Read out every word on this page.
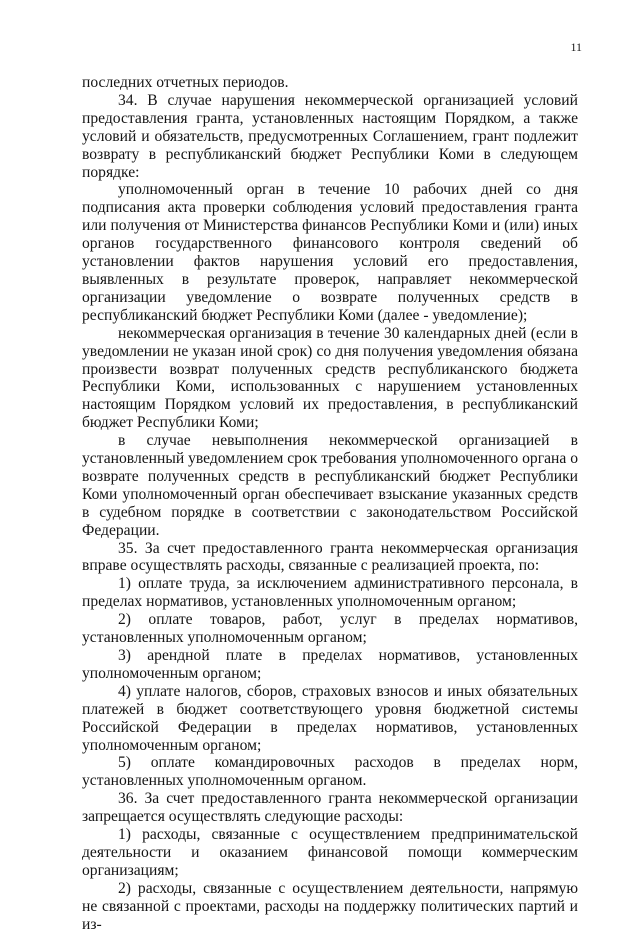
11

последних отчетных периодов.

34. В случае нарушения некоммерческой организацией условий предоставления гранта, установленных настоящим Порядком, а также условий и обязательств, предусмотренных Соглашением, грант подлежит возврату в республиканский бюджет Республики Коми в следующем порядке:

уполномоченный орган в течение 10 рабочих дней со дня подписания акта проверки соблюдения условий предоставления гранта или получения от Министерства финансов Республики Коми и (или) иных органов государственного финансового контроля сведений об установлении фактов нарушения условий его предоставления, выявленных в результате проверок, направляет некоммерческой организации уведомление о возврате полученных средств в республиканский бюджет Республики Коми (далее - уведомление);

некоммерческая организация в течение 30 календарных дней (если в уведомлении не указан иной срок) со дня получения уведомления обязана произвести возврат полученных средств республиканского бюджета Республики Коми, использованных с нарушением установленных настоящим Порядком условий их предоставления, в республиканский бюджет Республики Коми;

в случае невыполнения некоммерческой организацией в установленный уведомлением срок требования уполномоченного органа о возврате полученных средств в республиканский бюджет Республики Коми уполномоченный орган обеспечивает взыскание указанных средств в судебном порядке в соответствии с законодательством Российской Федерации.

35. За счет предоставленного гранта некоммерческая организация вправе осуществлять расходы, связанные с реализацией проекта, по:

1) оплате труда, за исключением административного персонала, в пределах нормативов, установленных уполномоченным органом;

2) оплате товаров, работ, услуг в пределах нормативов, установленных уполномоченным органом;

3) арендной плате в пределах нормативов, установленных уполномоченным органом;

4) уплате налогов, сборов, страховых взносов и иных обязательных платежей в бюджет соответствующего уровня бюджетной системы Российской Федерации в пределах нормативов, установленных уполномоченным органом;

5) оплате командировочных расходов в пределах норм, установленных уполномоченным органом.

36. За счет предоставленного гранта некоммерческой организации запрещается осуществлять следующие расходы:

1) расходы, связанные с осуществлением предпринимательской деятельности и оказанием финансовой помощи коммерческим организациям;

2) расходы, связанные с осуществлением деятельности, напрямую не связанной с проектами, расходы на поддержку политических партий и из-
